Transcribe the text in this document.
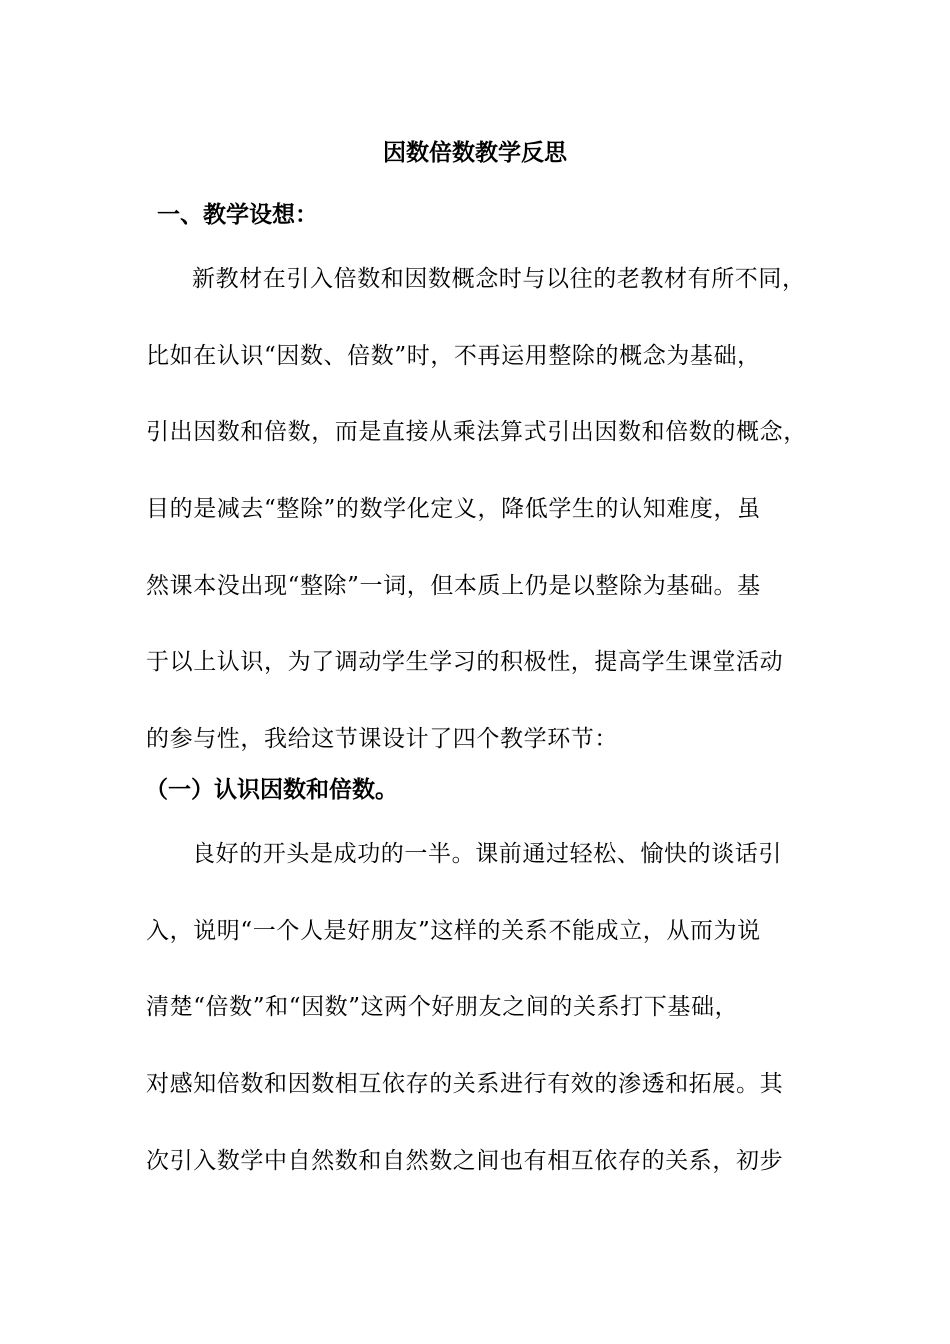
因数倍数教学反思
一、教学设想：
新教材在引入倍数和因数概念时与以往的老教材有所不同，
比如在认识“因数、倍数”时，不再运用整除的概念为基础，
引出因数和倍数，而是直接从乘法算式引出因数和倍数的概念，
目的是减去“整除”的数学化定义，降低学生的认知难度，虽
然课本没出现“整除”一词，但本质上仍是以整除为基础。基
于以上认识，为了调动学生学习的积极性，提高学生课堂活动
的参与性，我给这节课设计了四个教学环节：
（一）认识因数和倍数。
良好的开头是成功的一半。课前通过轻松、愉快的谈话引
入，说明“一个人是好朋友”这样的关系不能成立，从而为说
清楚“倍数”和“因数”这两个好朋友之间的关系打下基础，
对感知倍数和因数相互依存的关系进行有效的渗透和拓展。其
次引入数学中自然数和自然数之间也有相互依存的关系，初步
